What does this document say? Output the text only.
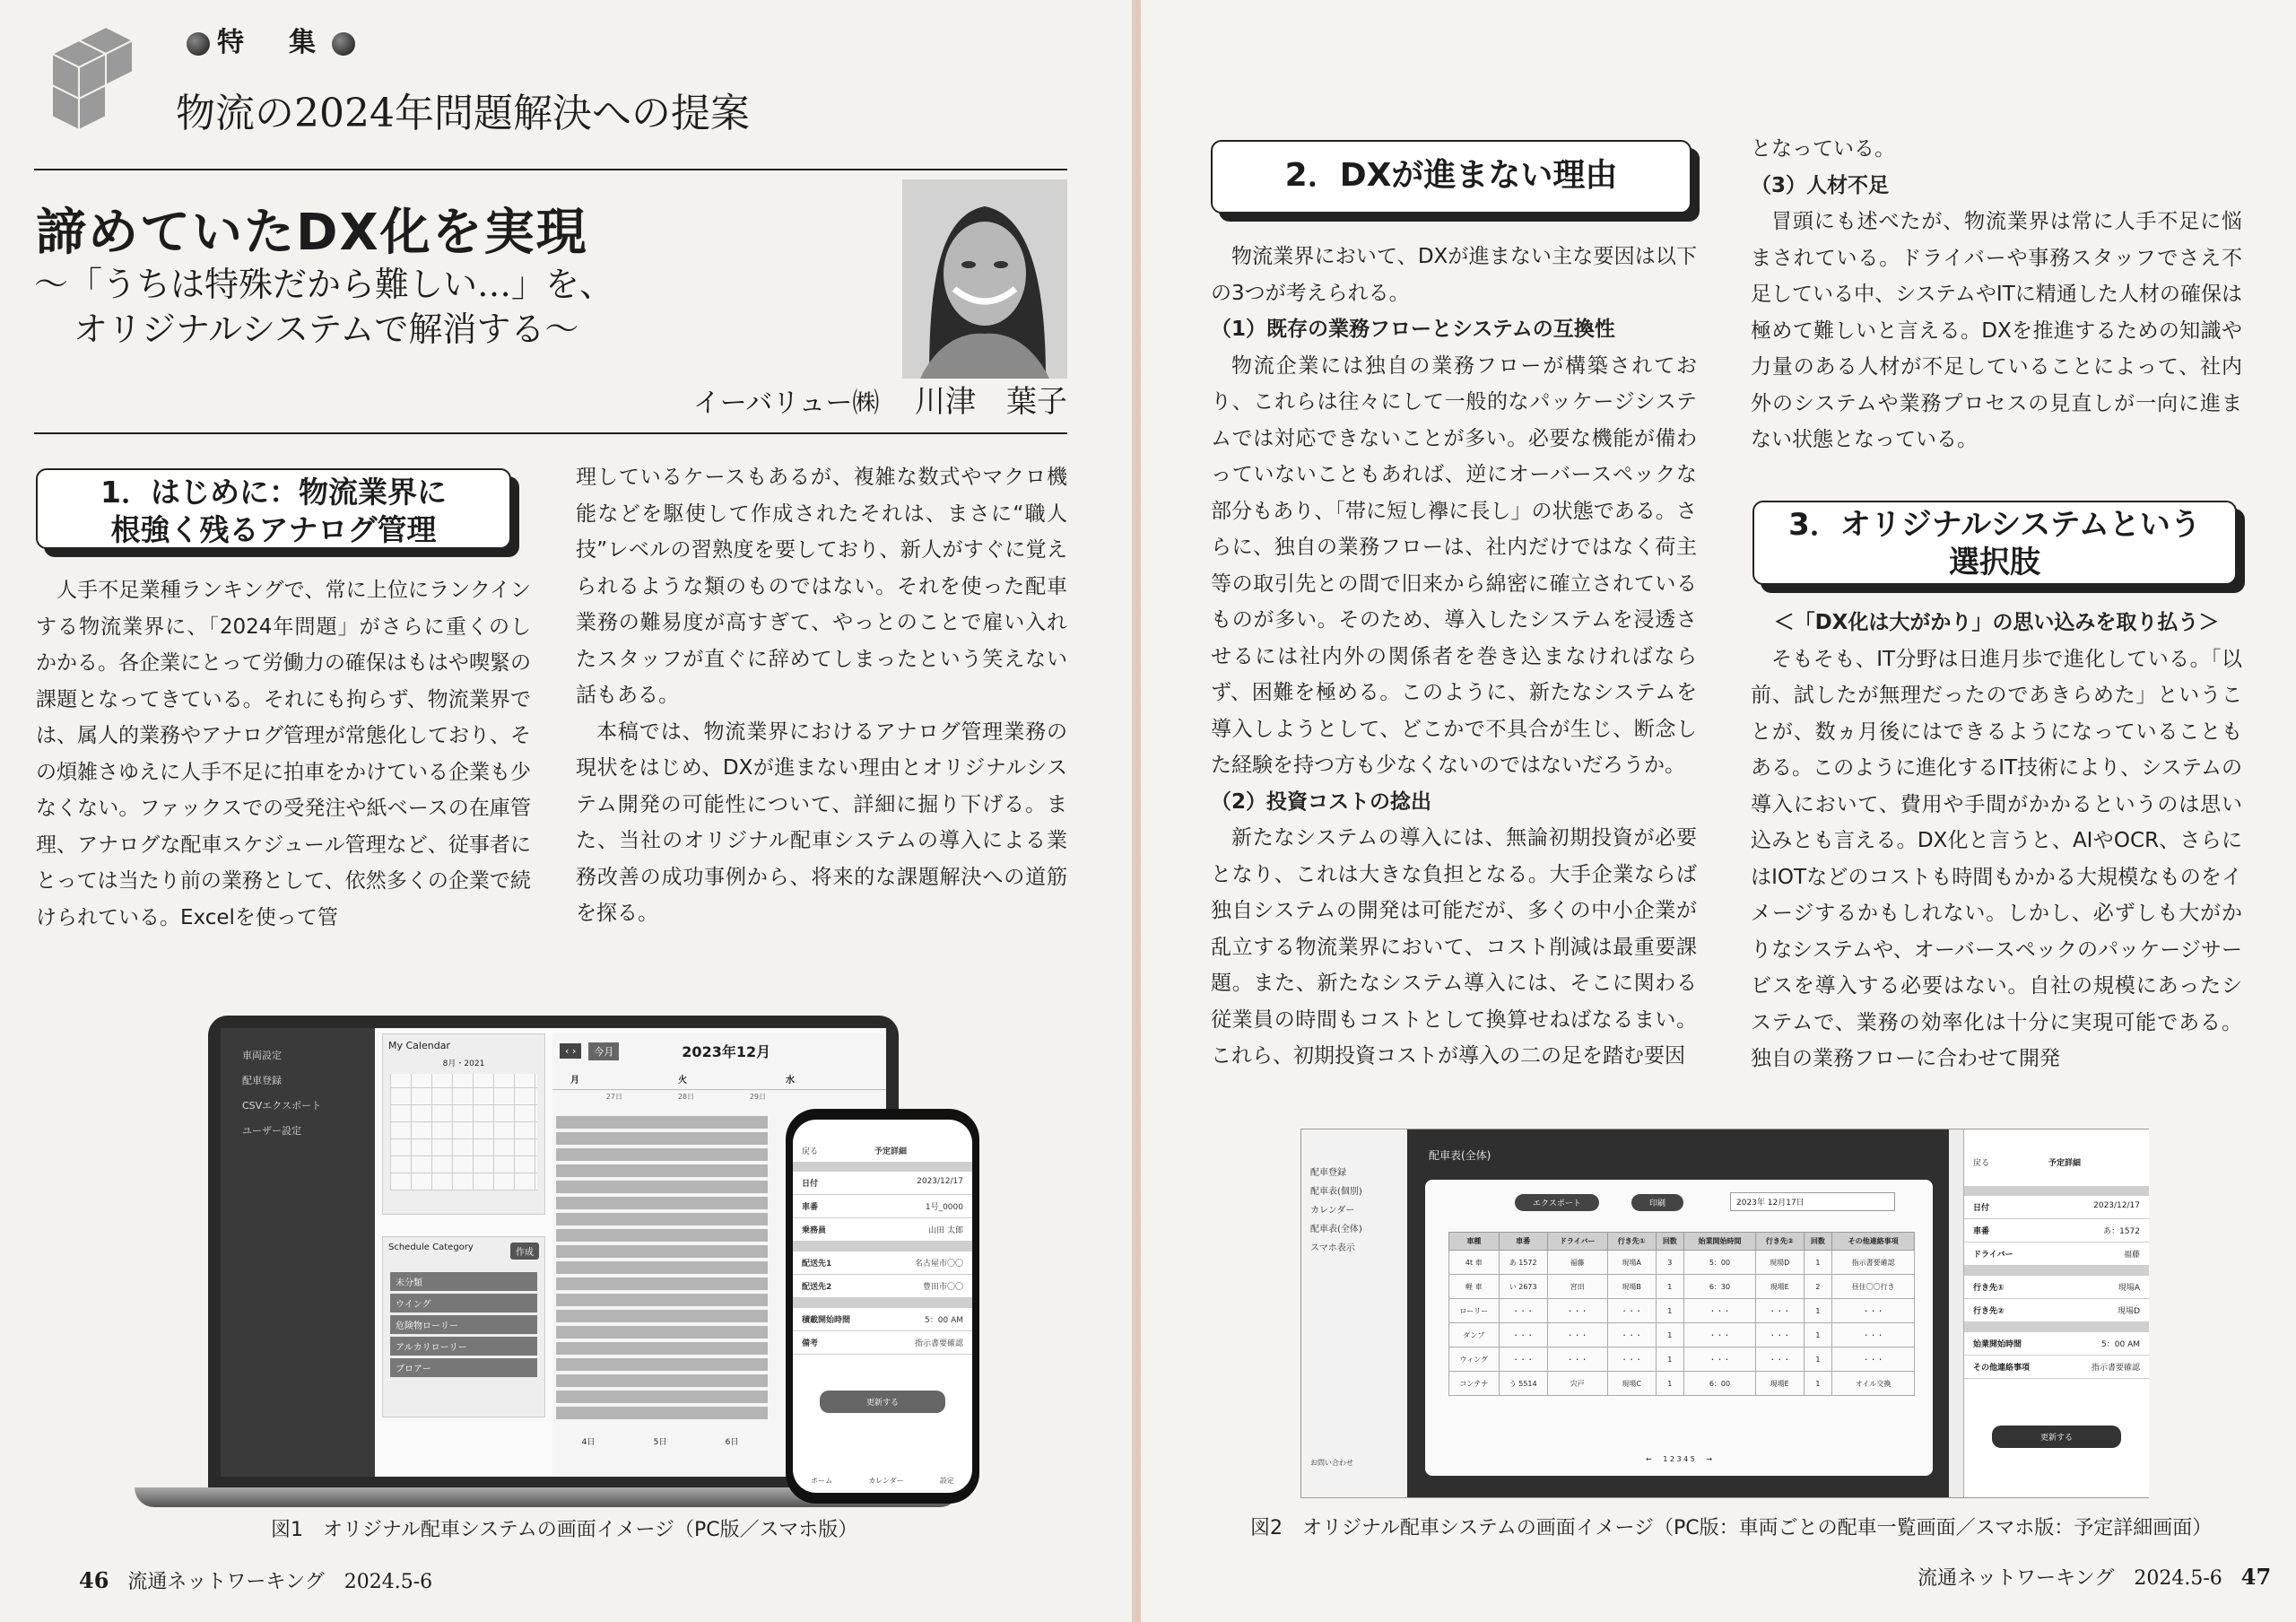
特　集
物流の2024年問題解決への提案
諦めていたDX化を実現
～「うちは特殊だから難しい…」を、
オリジナルシステムで解消する～
イーバリュー㈱ 川津　葉子
1．はじめに：物流業界に
根強く残るアナログ管理

人手不足業種ランキングで、常に上位にランクインする物流業界に、「2024年問題」がさらに重くのしかかる。各企業にとって労働力の確保はもはや喫緊の課題となってきている。それにも拘らず、物流業界では、属人的業務やアナログ管理が常態化しており、その煩雑さゆえに人手不足に拍車をかけている企業も少なくない。ファックスでの受発注や紙ベースの在庫管理、アナログな配車スケジュール管理など、従事者にとっては当たり前の業務として、依然多くの企業で続けられている。Excelを使って管

理しているケースもあるが、複雑な数式やマクロ機能などを駆使して作成されたそれは、まさに“職人技”レベルの習熟度を要しており、新人がすぐに覚えられるような類のものではない。それを使った配車業務の難易度が高すぎて、やっとのことで雇い入れたスタッフが直ぐに辞めてしまったという笑えない話もある。

本稿では、物流業界におけるアナログ管理業務の現状をはじめ、DXが進まない理由とオリジナルシステム開発の可能性について、詳細に掘り下げる。また、当社のオリジナル配車システムの導入による業務改善の成功事例から、将来的な課題解決への道筋を探る。

車両設定
配車登録
CSVエクスポート
ユーザー設定
My Calendar
8月・2021
Schedule Category
作成
未分類
ウイング
危険物ローリー
アルカリローリー
ブロアー
‹ ›	今月	2023年12月
月	火	水
27日	28日	29日
4日	5日	6日
戻る	予定詳細
日付	2023/12/17
車番	1号_0000
乗務員	山田 太郎
配送先1	名古屋市〇〇
配送先2	豊田市〇〇
積載開始時間	5：00 AM
備考	指示書要確認
更新する
ホーム	カレンダー	設定
図1　オリジナル配車システムの画面イメージ（PC版／スマホ版）
46 流通ネットワーキング　2024.5-6
2．DXが進まない理由

物流業界において、DXが進まない主な要因は以下の3つが考えられる。

（1）既存の業務フローとシステムの互換性

物流企業には独自の業務フローが構築されており、これらは往々にして一般的なパッケージシステムでは対応できないことが多い。必要な機能が備わっていないこともあれば、逆にオーバースペックな部分もあり、「帯に短し襷に長し」の状態である。さらに、独自の業務フローは、社内だけではなく荷主等の取引先との間で旧来から綿密に確立されているものが多い。そのため、導入したシステムを浸透させるには社内外の関係者を巻き込まなければならず、困難を極める。このように、新たなシステムを導入しようとして、どこかで不具合が生じ、断念した経験を持つ方も少なくないのではないだろうか。

（2）投資コストの捻出

新たなシステムの導入には、無論初期投資が必要となり、これは大きな負担となる。大手企業ならば独自システムの開発は可能だが、多くの中小企業が乱立する物流業界において、コスト削減は最重要課題。また、新たなシステム導入には、そこに関わる従業員の時間もコストとして換算せねばなるまい。これら、初期投資コストが導入の二の足を踏む要因

となっている。

（3）人材不足

冒頭にも述べたが、物流業界は常に人手不足に悩まされている。ドライバーや事務スタッフでさえ不足している中、システムやITに精通した人材の確保は極めて難しいと言える。DXを推進するための知識や力量のある人材が不足していることによって、社内外のシステムや業務プロセスの見直しが一向に進まない状態となっている。

3．オリジナルシステムという
選択肢
＜「DX化は大がかり」の思い込みを取り払う＞

そもそも、IT分野は日進月歩で進化している。「以前、試したが無理だったのであきらめた」ということが、数ヵ月後にはできるようになっていることもある。このように進化するIT技術により、システムの導入において、費用や手間がかかるというのは思い込みとも言える。DX化と言うと、AIやOCR、さらにはIOTなどのコストも時間もかかる大規模なものをイメージするかもしれない。しかし、必ずしも大がかりなシステムや、オーバースペックのパッケージサービスを導入する必要はない。自社の規模にあったシステムで、業務の効率化は十分に実現可能である。独自の業務フローに合わせて開発

配車登録
配車表(個別)
カレンダー
配車表(全体)
スマホ表示
お問い合わせ
配車表(全体)
エクスポート	印刷	2023年 12月17日
車種	車番	ドライバー	行き先①	回数	始業開始時間	行き先②	回数	その他連絡事項
4t 車	あ 1572	福藤	現場A	3	5：00	現場D	1	指示書要確認
軽 車	い 2673	宮田	現場B	1	6：30	現場E	2	昼住〇〇行き
ローリー	・・・	・・・	・・・	1	・・・	・・・	1	・・・
ダンプ	・・・	・・・	・・・	1	・・・	・・・	1	・・・
ウィング	・・・	・・・	・・・	1	・・・	・・・	1	・・・
コンテナ	う 5514	宍戸	現場C	1	6：00	現場E	1	オイル交換
← 1 2 3 4 5 →
戻る	予定詳細
日付	2023/12/17
車番	あ：1572
ドライバー	福藤
行き先①	現場A
行き先②	現場D
始業開始時間	5：00 AM
その他連絡事項	指示書要確認
更新する
図2　オリジナル配車システムの画面イメージ（PC版：車両ごとの配車一覧画面／スマホ版：予定詳細画面）
流通ネットワーキング　2024.5-6 47
